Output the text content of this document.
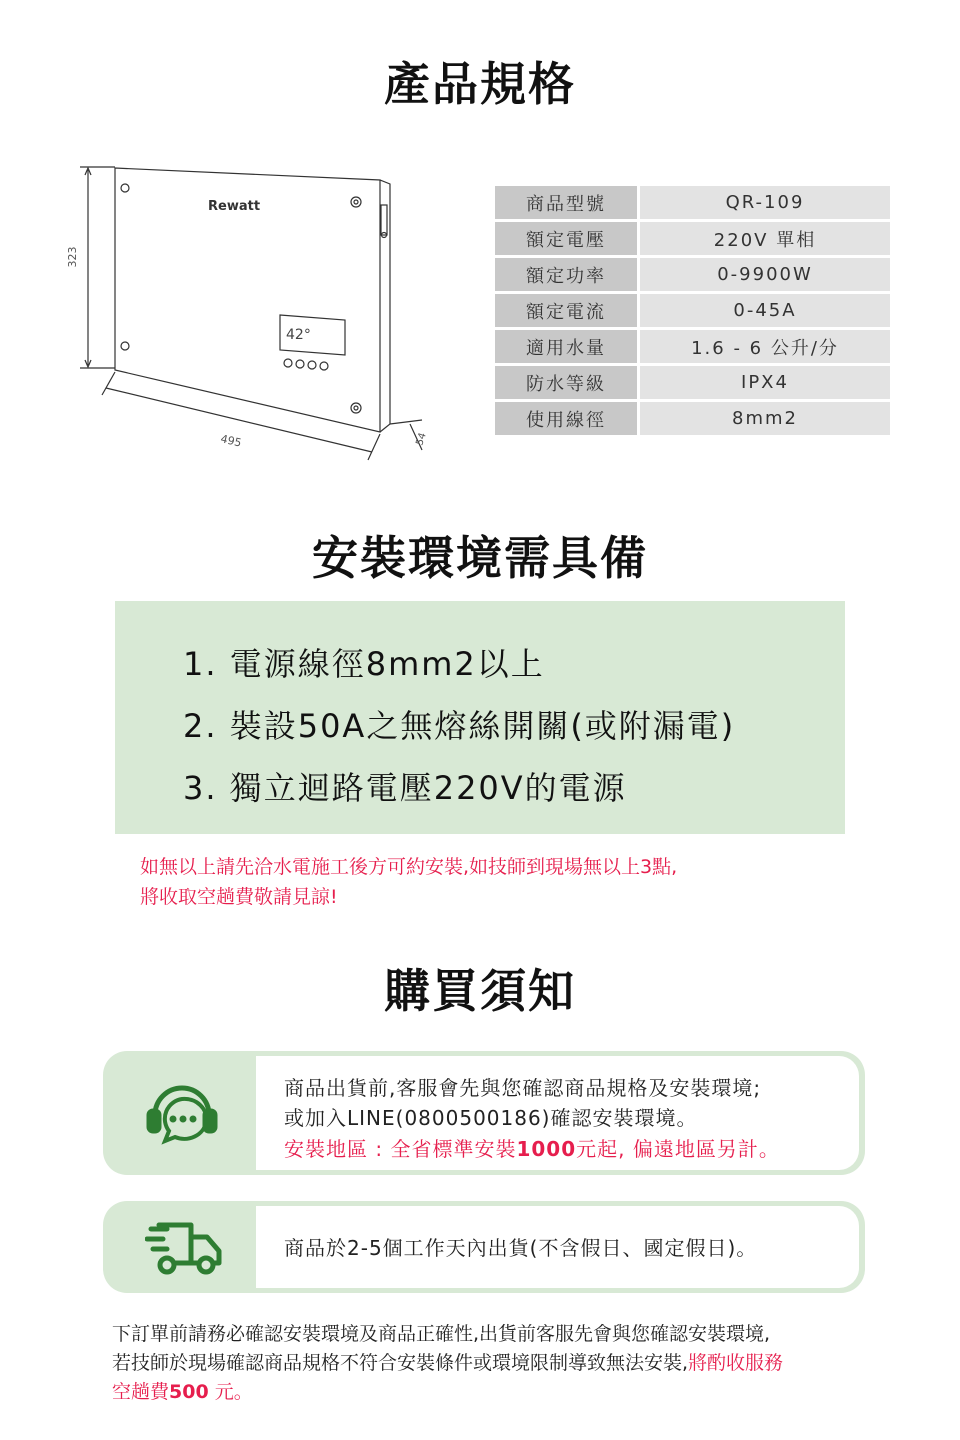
產品規格
323
495	54
Rewatt
42°
商品型號	QR-109
額定電壓	220V 單相
額定功率	0-9900W
額定電流	0-45A
適用水量	1.6 - 6 公升/分
防水等級	IPX4
使用線徑	8mm2
安裝環境需具備
1. 電源線徑8mm2以上
2. 裝設50A之無熔絲開關(或附漏電)
3. 獨立迴路電壓220V的電源
如無以上請先洽水電施工後方可約安裝,如技師到現場無以上3點,
將收取空趟費敬請見諒!
購買須知
商品出貨前,客服會先與您確認商品規格及安裝環境;
或加入LINE(0800500186)確認安裝環境。
安裝地區 : 全省標準安裝1000元起, 偏遠地區另計。
商品於2-5個工作天內出貨(不含假日、國定假日)。
下訂單前請務必確認安裝環境及商品正確性,出貨前客服先會與您確認安裝環境,
若技師於現場確認商品規格不符合安裝條件或環境限制導致無法安裝,將酌收服務
空趟費500 元。
